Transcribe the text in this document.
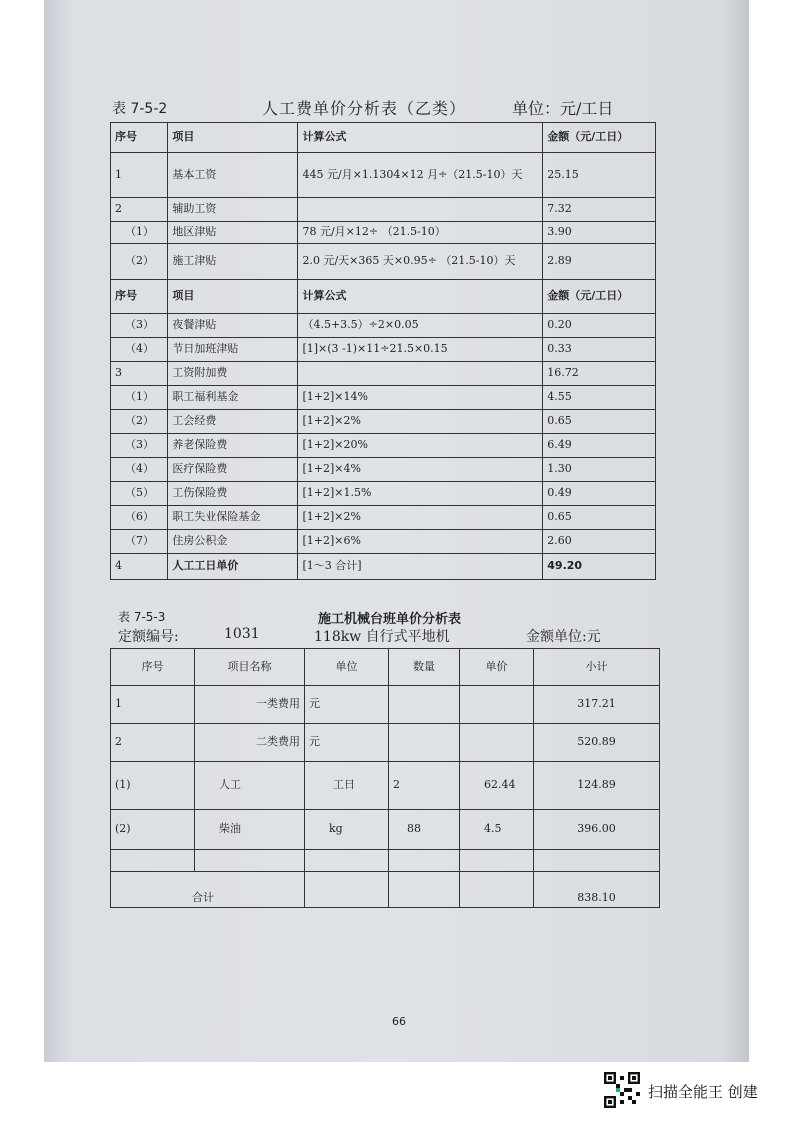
表 7-5-2	人工费单价分析表（乙类）	单位：元/工日
序号	项目	计算公式	金额（元/工日）
1	基本工资	445 元/月×1.1304×12 月÷（21.5-10）天	25.15
2	辅助工资		7.32
（1）	地区津贴	78 元/月×12÷ （21.5-10）	3.90
（2）	施工津贴	2.0 元/天×365 天×0.95÷ （21.5-10）天	2.89
序号	项目	计算公式	金额（元/工日）
（3）	夜餐津贴	（4.5+3.5）÷2×0.05	0.20
（4）	节日加班津贴	[1]×(3 -1)×11÷21.5×0.15	0.33
3	工资附加费		16.72
（1）	职工福利基金	[1+2]×14%	4.55
（2）	工会经费	[1+2]×2%	0.65
（3）	养老保险费	[1+2]×20%	6.49
（4）	医疗保险费	[1+2]×4%	1.30
（5）	工伤保险费	[1+2]×1.5%	0.49
（6）	职工失业保险基金	[1+2]×2%	0.65
（7）	住房公积金	[1+2]×6%	2.60
4	人工工日单价	[1～3 合计]	49.20
表 7-5-3	施工机械台班单价分析表
定额编号:	1031	118kw 自行式平地机	金额单位:元
序号	项目名称	单位	数量	单价	小计
1	一类费用	元			317.21
2	二类费用	元			520.89
(1)	人工	工日	2	62.44	124.89
(2)	柴油	kg	88	4.5	396.00

合计					838.10
66
扫描全能王 创建
